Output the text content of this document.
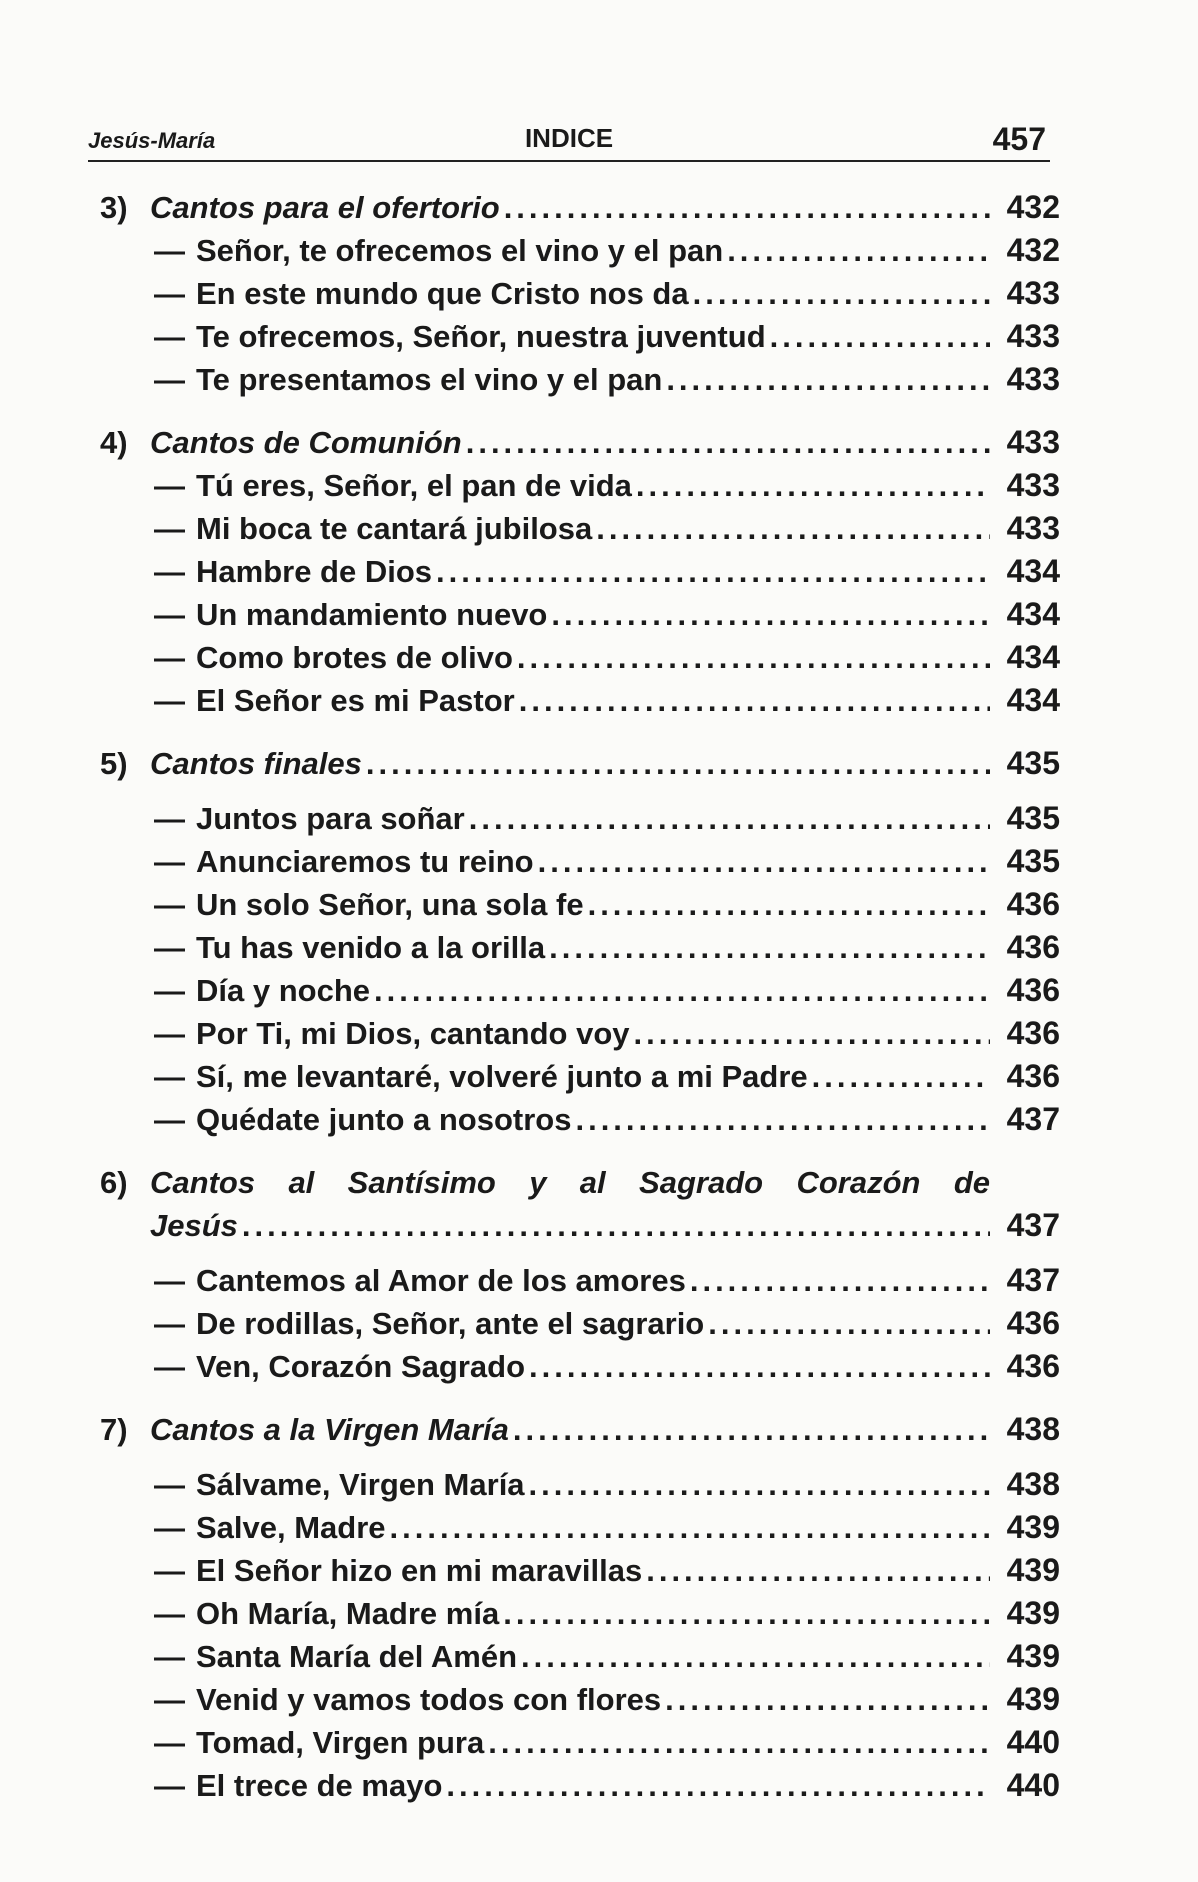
Jesús-María	INDICE	457
3) Cantos para el ofertorio .....	432
— Señor, te ofrecemos el vino y el pan .....	432
— En este mundo que Cristo nos da .....	433
— Te ofrecemos, Señor, nuestra juventud .....	433
— Te presentamos el vino y el pan .....	433
4) Cantos de Comunión .....	433
— Tú eres, Señor, el pan de vida .....	433
— Mi boca te cantará jubilosa .....	433
— Hambre de Dios .....	434
— Un mandamiento nuevo .....	434
— Como brotes de olivo .....	434
— El Señor es mi Pastor .....	434
5) Cantos finales .....	435
— Juntos para soñar .....	435
— Anunciaremos tu reino .....	435
— Un solo Señor, una sola fe .....	436
— Tu has venido a la orilla .....	436
— Día y noche .....	436
— Por Ti, mi Dios, cantando voy .....	436
— Sí, me levantaré, volveré junto a mi Padre .....	436
— Quédate junto a nosotros .....	437
6) Cantos al Santísimo y al Sagrado Corazón de
Jesús .....	437
— Cantemos al Amor de los amores .....	437
— De rodillas, Señor, ante el sagrario .....	436
— Ven, Corazón Sagrado .....	436
7) Cantos a la Virgen María .....	438
— Sálvame, Virgen María .....	438
— Salve, Madre .....	439
— El Señor hizo en mi maravillas .....	439
— Oh María, Madre mía .....	439
— Santa María del Amén .....	439
— Venid y vamos todos con flores .....	439
— Tomad, Virgen pura .....	440
— El trece de mayo .....	440
